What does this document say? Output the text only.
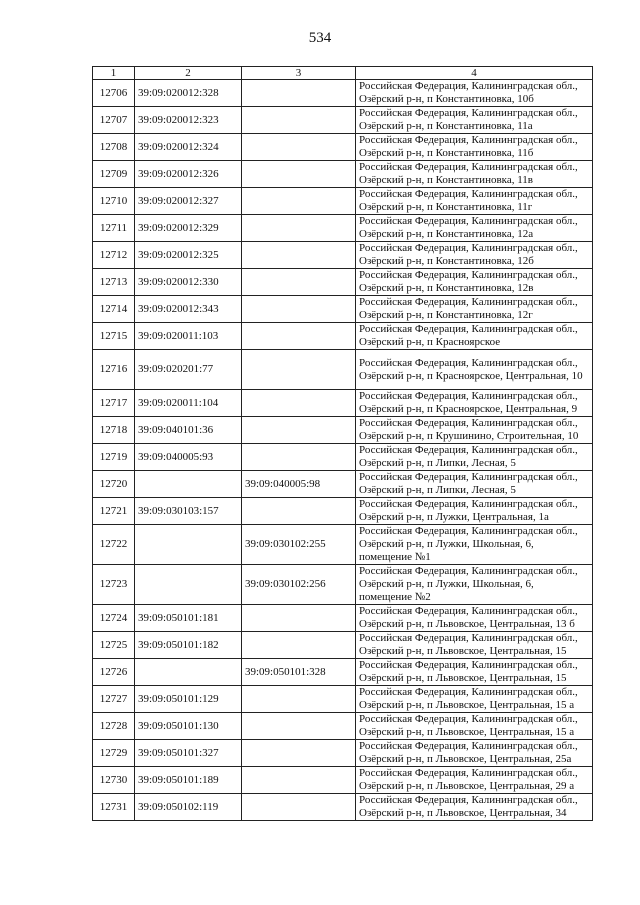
534
1	2	3	4
12706	39:09:020012:328		Российская Федерация, Калининградская обл., Озёрский р-н, п Константиновка, 10б
12707	39:09:020012:323		Российская Федерация, Калининградская обл., Озёрский р-н, п Константиновка, 11а
12708	39:09:020012:324		Российская Федерация, Калининградская обл., Озёрский р-н, п Константиновка, 11б
12709	39:09:020012:326		Российская Федерация, Калининградская обл., Озёрский р-н, п Константиновка, 11в
12710	39:09:020012:327		Российская Федерация, Калининградская обл., Озёрский р-н, п Константиновка, 11г
12711	39:09:020012:329		Российская Федерация, Калининградская обл., Озёрский р-н, п Константиновка, 12а
12712	39:09:020012:325		Российская Федерация, Калининградская обл., Озёрский р-н, п Константиновка, 12б
12713	39:09:020012:330		Российская Федерация, Калининградская обл., Озёрский р-н, п Константиновка, 12в
12714	39:09:020012:343		Российская Федерация, Калининградская обл., Озёрский р-н, п Константиновка, 12г
12715	39:09:020011:103		Российская Федерация, Калининградская обл., Озёрский р-н, п Красноярское
12716	39:09:020201:77		Российская Федерация, Калининградская обл., Озёрский р-н, п Красноярское, Центральная, 10
12717	39:09:020011:104		Российская Федерация, Калининградская обл., Озёрский р-н, п Красноярское, Центральная, 9
12718	39:09:040101:36		Российская Федерация, Калининградская обл., Озёрский р-н, п Крушинино, Строительная, 10
12719	39:09:040005:93		Российская Федерация, Калининградская обл., Озёрский р-н, п Липки, Лесная, 5
12720		39:09:040005:98	Российская Федерация, Калининградская обл., Озёрский р-н, п Липки, Лесная, 5
12721	39:09:030103:157		Российская Федерация, Калининградская обл., Озёрский р-н, п Лужки, Центральная, 1а
12722		39:09:030102:255	Российская Федерация, Калининградская обл., Озёрский р-н, п Лужки, Школьная, 6, помещение №1
12723		39:09:030102:256	Российская Федерация, Калининградская обл., Озёрский р-н, п Лужки, Школьная, 6, помещение №2
12724	39:09:050101:181		Российская Федерация, Калининградская обл., Озёрский р-н, п Львовское, Центральная, 13 б
12725	39:09:050101:182		Российская Федерация, Калининградская обл., Озёрский р-н, п Львовское, Центральная, 15
12726		39:09:050101:328	Российская Федерация, Калининградская обл., Озёрский р-н, п Львовское, Центральная, 15
12727	39:09:050101:129		Российская Федерация, Калининградская обл., Озёрский р-н, п Львовское, Центральная, 15 а
12728	39:09:050101:130		Российская Федерация, Калининградская обл., Озёрский р-н, п Львовское, Центральная, 15 а
12729	39:09:050101:327		Российская Федерация, Калининградская обл., Озёрский р-н, п Львовское, Центральная, 25а
12730	39:09:050101:189		Российская Федерация, Калининградская обл., Озёрский р-н, п Львовское, Центральная, 29 а
12731	39:09:050102:119		Российская Федерация, Калининградская обл., Озёрский р-н, п Львовское, Центральная, 34
